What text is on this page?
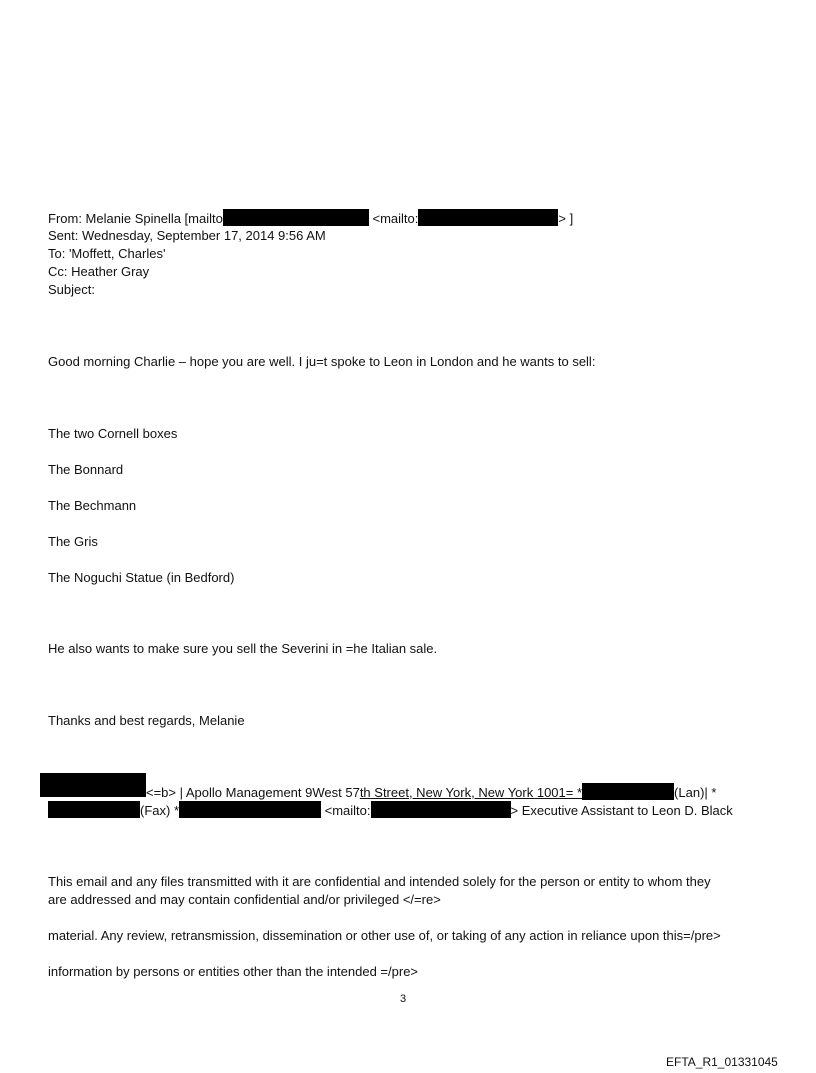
From: Melanie Spinella [mailto	<mailto:	> ]
Sent: Wednesday, September 17, 2014 9:56 AM
To: 'Moffett, Charles'
Cc: Heather Gray
Subject:
Good morning Charlie – hope you are well. I ju=t spoke to Leon in London and he wants to sell:
The two Cornell boxes
The Bonnard
The Bechmann
The Gris
The Noguchi Statue (in Bedford)
He also wants to make sure you sell the Severini in =he Italian sale.
Thanks and best regards, Melanie
<=b> | Apollo Management 9West 57th Street, New York, New York 1001= *	(Lan)| *
(Fax) *	<mailto:	> Executive Assistant to Leon D. Black
This email and any files transmitted with it are confidential and intended solely for the person or entity to whom they
are addressed and may contain confidential and/or privileged </=re>
material. Any review, retransmission, dissemination or other use of, or taking of any action in reliance upon this=/pre>
information by persons or entities other than the intended =/pre>
3
EFTA_R1_01331045
